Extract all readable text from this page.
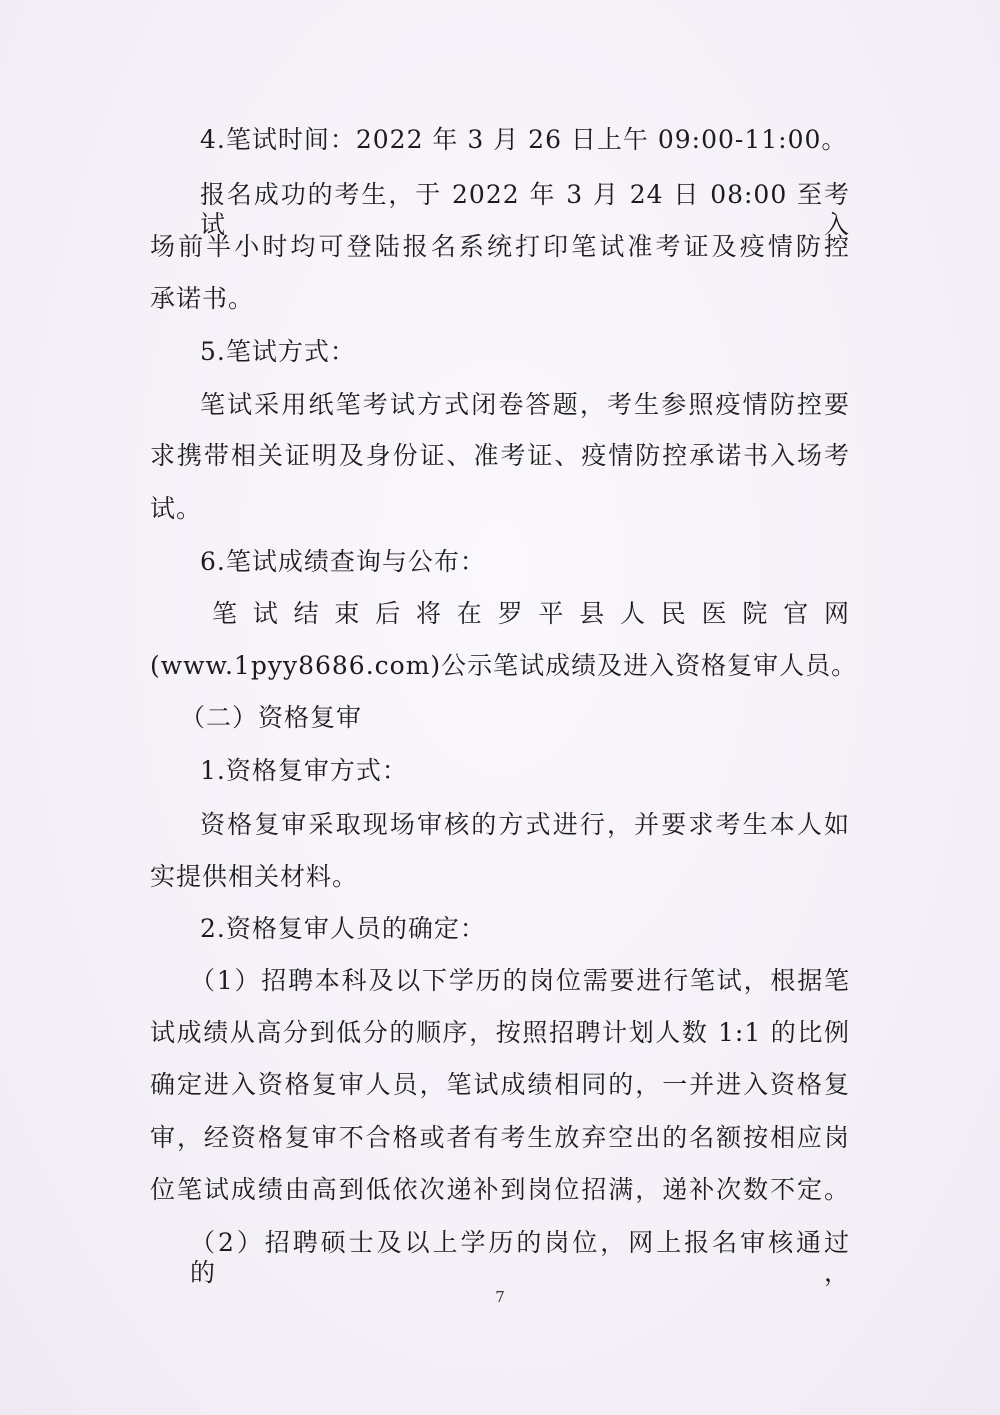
4.笔试时间：2022 年 3 月 26 日上午 09:00-11:00。
报名成功的考生，于 2022 年 3 月 24 日 08:00 至考试入
场前半小时均可登陆报名系统打印笔试准考证及疫情防控
承诺书。
5.笔试方式：
笔试采用纸笔考试方式闭卷答题，考生参照疫情防控要
求携带相关证明及身份证、准考证、疫情防控承诺书入场考
试。
6.笔试成绩查询与公布：
笔 试 结 束 后 将 在 罗 平 县 人 民 医 院 官 网
(www.1pyy8686.com)公示笔试成绩及进入资格复审人员。
（二）资格复审
1.资格复审方式：
资格复审采取现场审核的方式进行，并要求考生本人如
实提供相关材料。
2.资格复审人员的确定：
（1）招聘本科及以下学历的岗位需要进行笔试，根据笔
试成绩从高分到低分的顺序，按照招聘计划人数 1:1 的比例
确定进入资格复审人员，笔试成绩相同的，一并进入资格复
审，经资格复审不合格或者有考生放弃空出的名额按相应岗
位笔试成绩由高到低依次递补到岗位招满，递补次数不定。
（2）招聘硕士及以上学历的岗位，网上报名审核通过的，
7
